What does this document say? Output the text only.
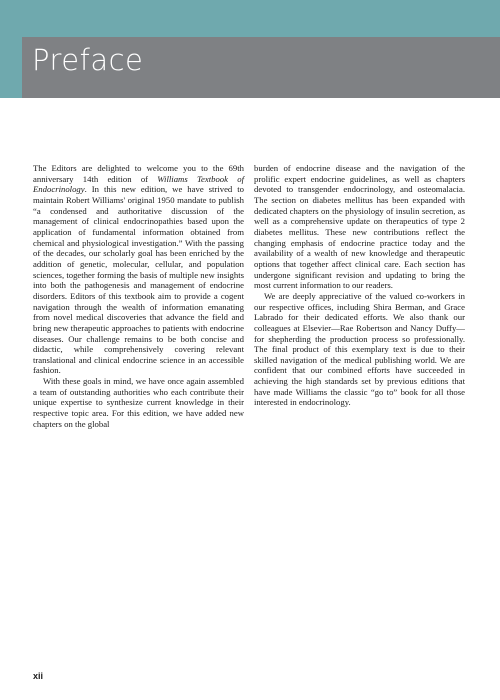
Preface

The Editors are delighted to welcome you to the 69th anniversary 14th edition of Williams Textbook of Endocrinology. In this new edition, we have strived to maintain Robert Williams' original 1950 mandate to publish “a condensed and authoritative discussion of the management of clinical endocrinopathies based upon the application of fundamental information obtained from chemical and physiological investigation.” With the passing of the decades, our scholarly goal has been enriched by the addition of genetic, molecular, cellular, and population sciences, together forming the basis of multiple new insights into both the pathogenesis and management of endocrine disorders. Editors of this textbook aim to provide a cogent navigation through the wealth of information emanating from novel medical discoveries that advance the field and bring new therapeutic approaches to patients with endocrine diseases. Our challenge remains to be both concise and didactic, while comprehensively covering relevant translational and clinical endocrine science in an accessible fashion.

With these goals in mind, we have once again assembled a team of outstanding authorities who each contribute their unique expertise to synthesize current knowledge in their respective topic area. For this edition, we have added new chapters on the global

burden of endocrine disease and the navigation of the prolific expert endocrine guidelines, as well as chapters devoted to transgender endocrinology, and osteomalacia. The section on diabetes mellitus has been expanded with dedicated chapters on the physiology of insulin secretion, as well as a comprehensive update on therapeutics of type 2 diabetes mellitus. These new contributions reflect the changing emphasis of endocrine practice today and the availability of a wealth of new knowledge and therapeutic options that together affect clinical care. Each section has undergone significant revision and updating to bring the most current information to our readers.

We are deeply appreciative of the valued co-workers in our respective offices, including Shira Berman, and Grace Labrado for their dedicated efforts. We also thank our colleagues at Elsevier—Rae Robertson and Nancy Duffy—for shepherding the production process so professionally. The final product of this exemplary text is due to their skilled navigation of the medical publishing world. We are confident that our combined efforts have succeeded in achieving the high standards set by previous editions that have made Williams the classic “go to” book for all those interested in endocrinology.

xii
